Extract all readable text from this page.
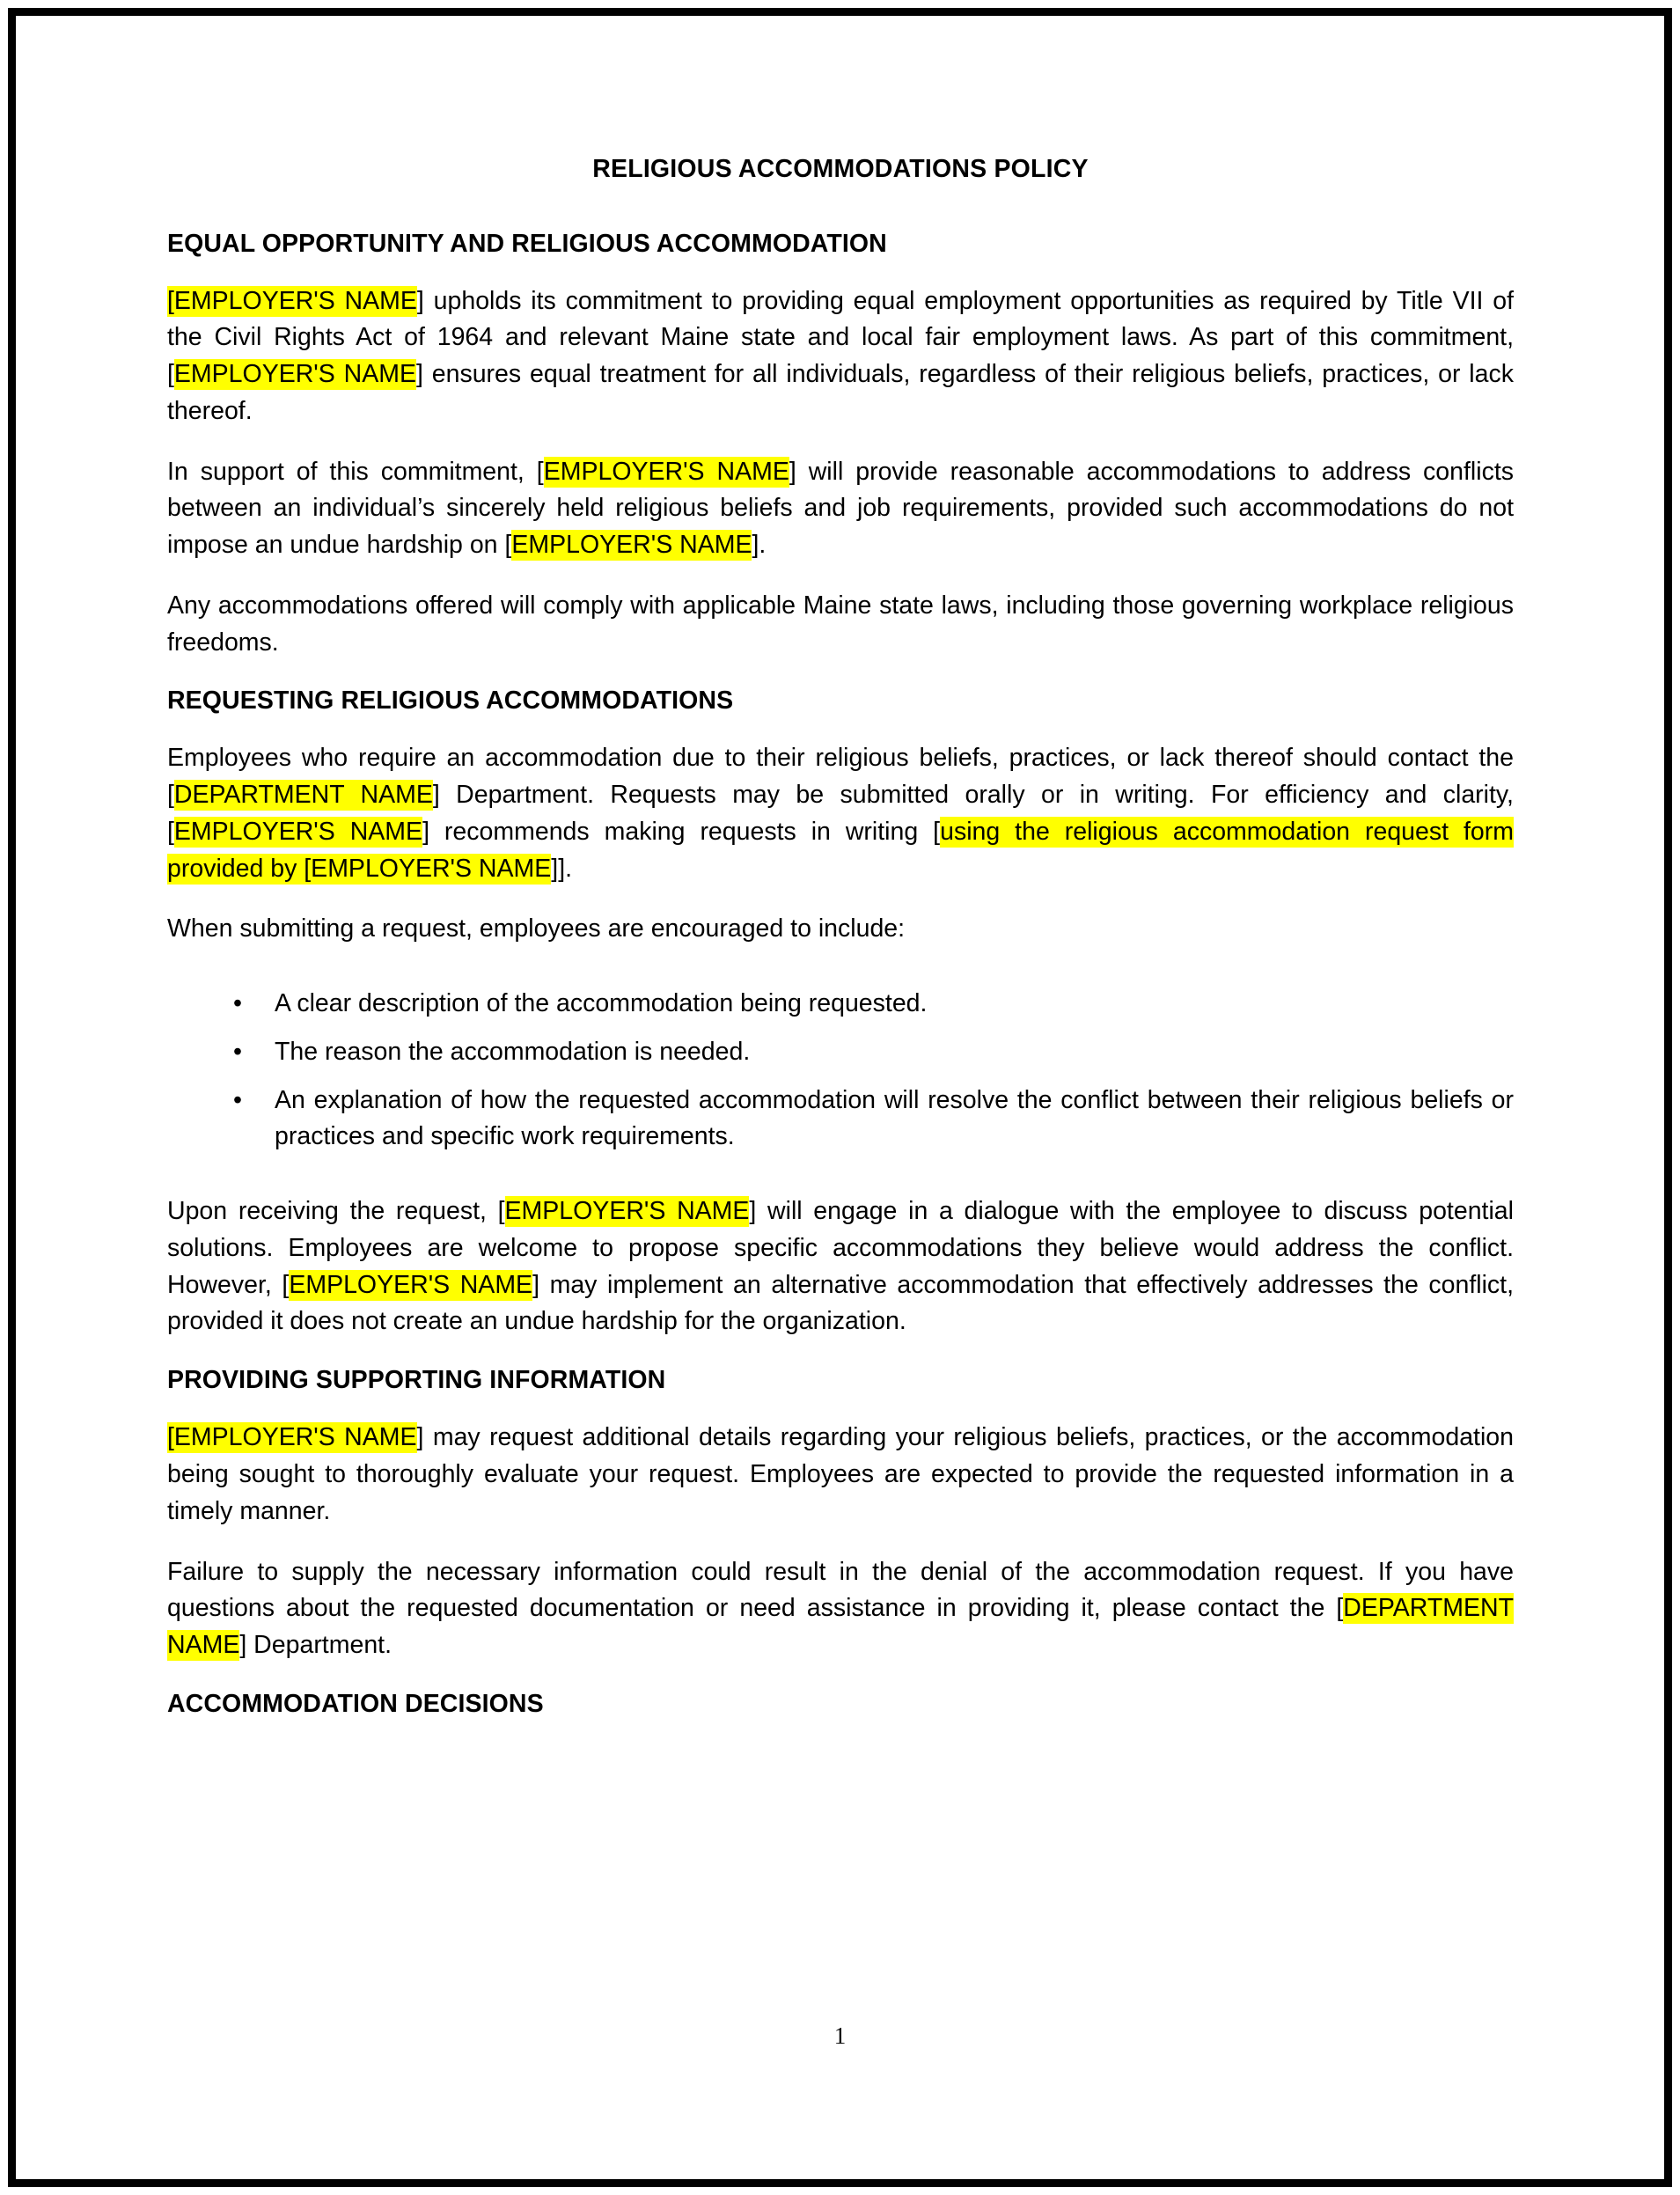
RELIGIOUS ACCOMMODATIONS POLICY
EQUAL OPPORTUNITY AND RELIGIOUS ACCOMMODATION

[EMPLOYER'S NAME] upholds its commitment to providing equal employment opportunities as required by Title VII of the Civil Rights Act of 1964 and relevant Maine state and local fair employment laws. As part of this commitment, [EMPLOYER'S NAME] ensures equal treatment for all individuals, regardless of their religious beliefs, practices, or lack thereof.

In support of this commitment, [EMPLOYER'S NAME] will provide reasonable accommodations to address conflicts between an individual’s sincerely held religious beliefs and job requirements, provided such accommodations do not impose an undue hardship on [EMPLOYER'S NAME].

Any accommodations offered will comply with applicable Maine state laws, including those governing workplace religious freedoms.

REQUESTING RELIGIOUS ACCOMMODATIONS

Employees who require an accommodation due to their religious beliefs, practices, or lack thereof should contact the [DEPARTMENT NAME] Department. Requests may be submitted orally or in writing. For efficiency and clarity, [EMPLOYER'S NAME] recommends making requests in writing [using the religious accommodation request form provided by [EMPLOYER'S NAME]].

When submitting a request, employees are encouraged to include:

• A clear description of the accommodation being requested.
• The reason the accommodation is needed.
• An explanation of how the requested accommodation will resolve the conflict between their religious beliefs or practices and specific work requirements.

Upon receiving the request, [EMPLOYER'S NAME] will engage in a dialogue with the employee to discuss potential solutions. Employees are welcome to propose specific accommodations they believe would address the conflict. However, [EMPLOYER'S NAME] may implement an alternative accommodation that effectively addresses the conflict, provided it does not create an undue hardship for the organization.

PROVIDING SUPPORTING INFORMATION

[EMPLOYER'S NAME] may request additional details regarding your religious beliefs, practices, or the accommodation being sought to thoroughly evaluate your request. Employees are expected to provide the requested information in a timely manner.

Failure to supply the necessary information could result in the denial of the accommodation request. If you have questions about the requested documentation or need assistance in providing it, please contact the [DEPARTMENT NAME] Department.

ACCOMMODATION DECISIONS
1
